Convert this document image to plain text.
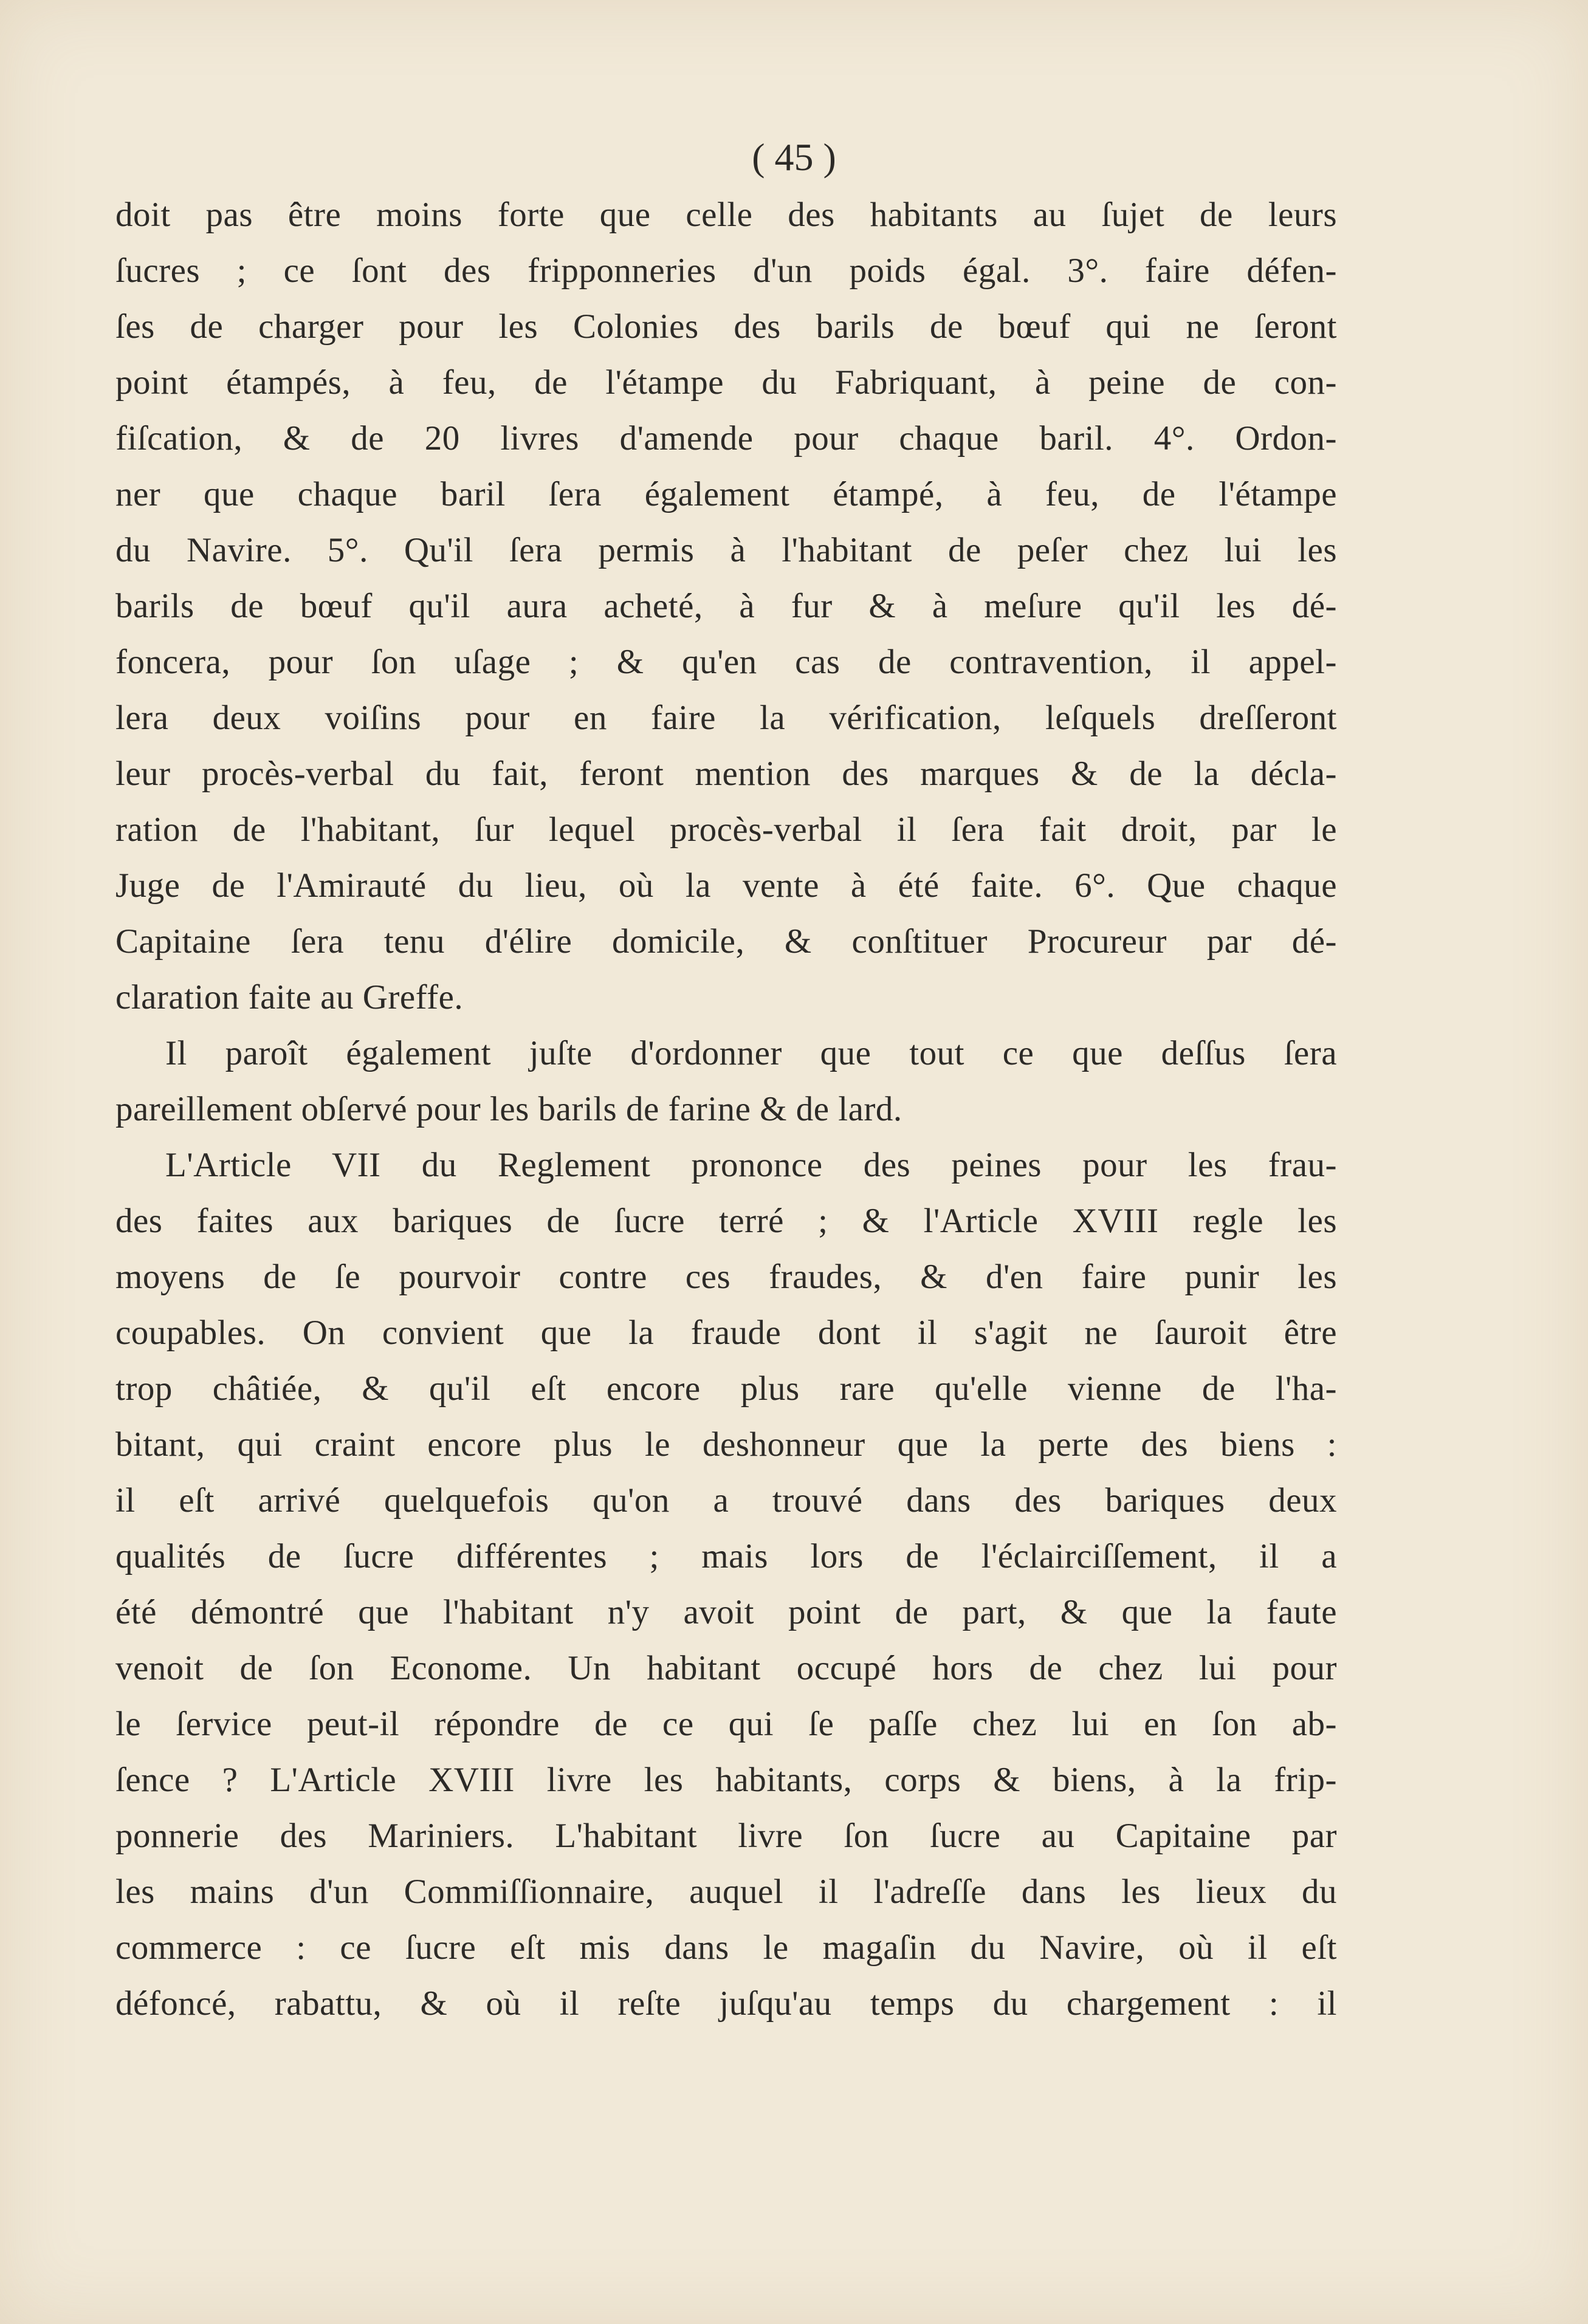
( 45 )
doit pas être moins forte que celle des habitants au ſujet de leurs
ſucres ; ce ſont des fripponneries d'un poids égal. 3°. faire défen-
ſes de charger pour les Colonies des barils de bœuf qui ne ſeront
point étampés, à feu, de l'étampe du Fabriquant, à peine de con-
fiſcation, & de 20 livres d'amende pour chaque baril. 4°. Ordon-
ner que chaque baril ſera également étampé, à feu, de l'étampe
du Navire. 5°. Qu'il ſera permis à l'habitant de peſer chez lui les
barils de bœuf qu'il aura acheté, à fur & à meſure qu'il les dé-
foncera, pour ſon uſage ; & qu'en cas de contravention, il appel-
lera deux voiſins pour en faire la vérification, leſquels dreſſeront
leur procès-verbal du fait, feront mention des marques & de la décla-
ration de l'habitant, ſur lequel procès-verbal il ſera fait droit, par le
Juge de l'Amirauté du lieu, où la vente à été faite. 6°. Que chaque
Capitaine ſera tenu d'élire domicile, & conſtituer Procureur par dé-
claration faite au Greffe.
Il paroît également juſte d'ordonner que tout ce que deſſus ſera
pareillement obſervé pour les barils de farine & de lard.
L'Article VII du Reglement prononce des peines pour les frau-
des faites aux bariques de ſucre terré ; & l'Article XVIII regle les
moyens de ſe pourvoir contre ces fraudes, & d'en faire punir les
coupables. On convient que la fraude dont il s'agit ne ſauroit être
trop châtiée, & qu'il eſt encore plus rare qu'elle vienne de l'ha-
bitant, qui craint encore plus le deshonneur que la perte des biens :
il eſt arrivé quelquefois qu'on a trouvé dans des bariques deux
qualités de ſucre différentes ; mais lors de l'éclairciſſement, il a
été démontré que l'habitant n'y avoit point de part, & que la faute
venoit de ſon Econome. Un habitant occupé hors de chez lui pour
le ſervice peut-il répondre de ce qui ſe paſſe chez lui en ſon ab-
ſence ? L'Article XVIII livre les habitants, corps & biens, à la frip-
ponnerie des Mariniers. L'habitant livre ſon ſucre au Capitaine par
les mains d'un Commiſſionnaire, auquel il l'adreſſe dans les lieux du
commerce : ce ſucre eſt mis dans le magaſin du Navire, où il eſt
défoncé, rabattu, & où il reſte juſqu'au temps du chargement : il
